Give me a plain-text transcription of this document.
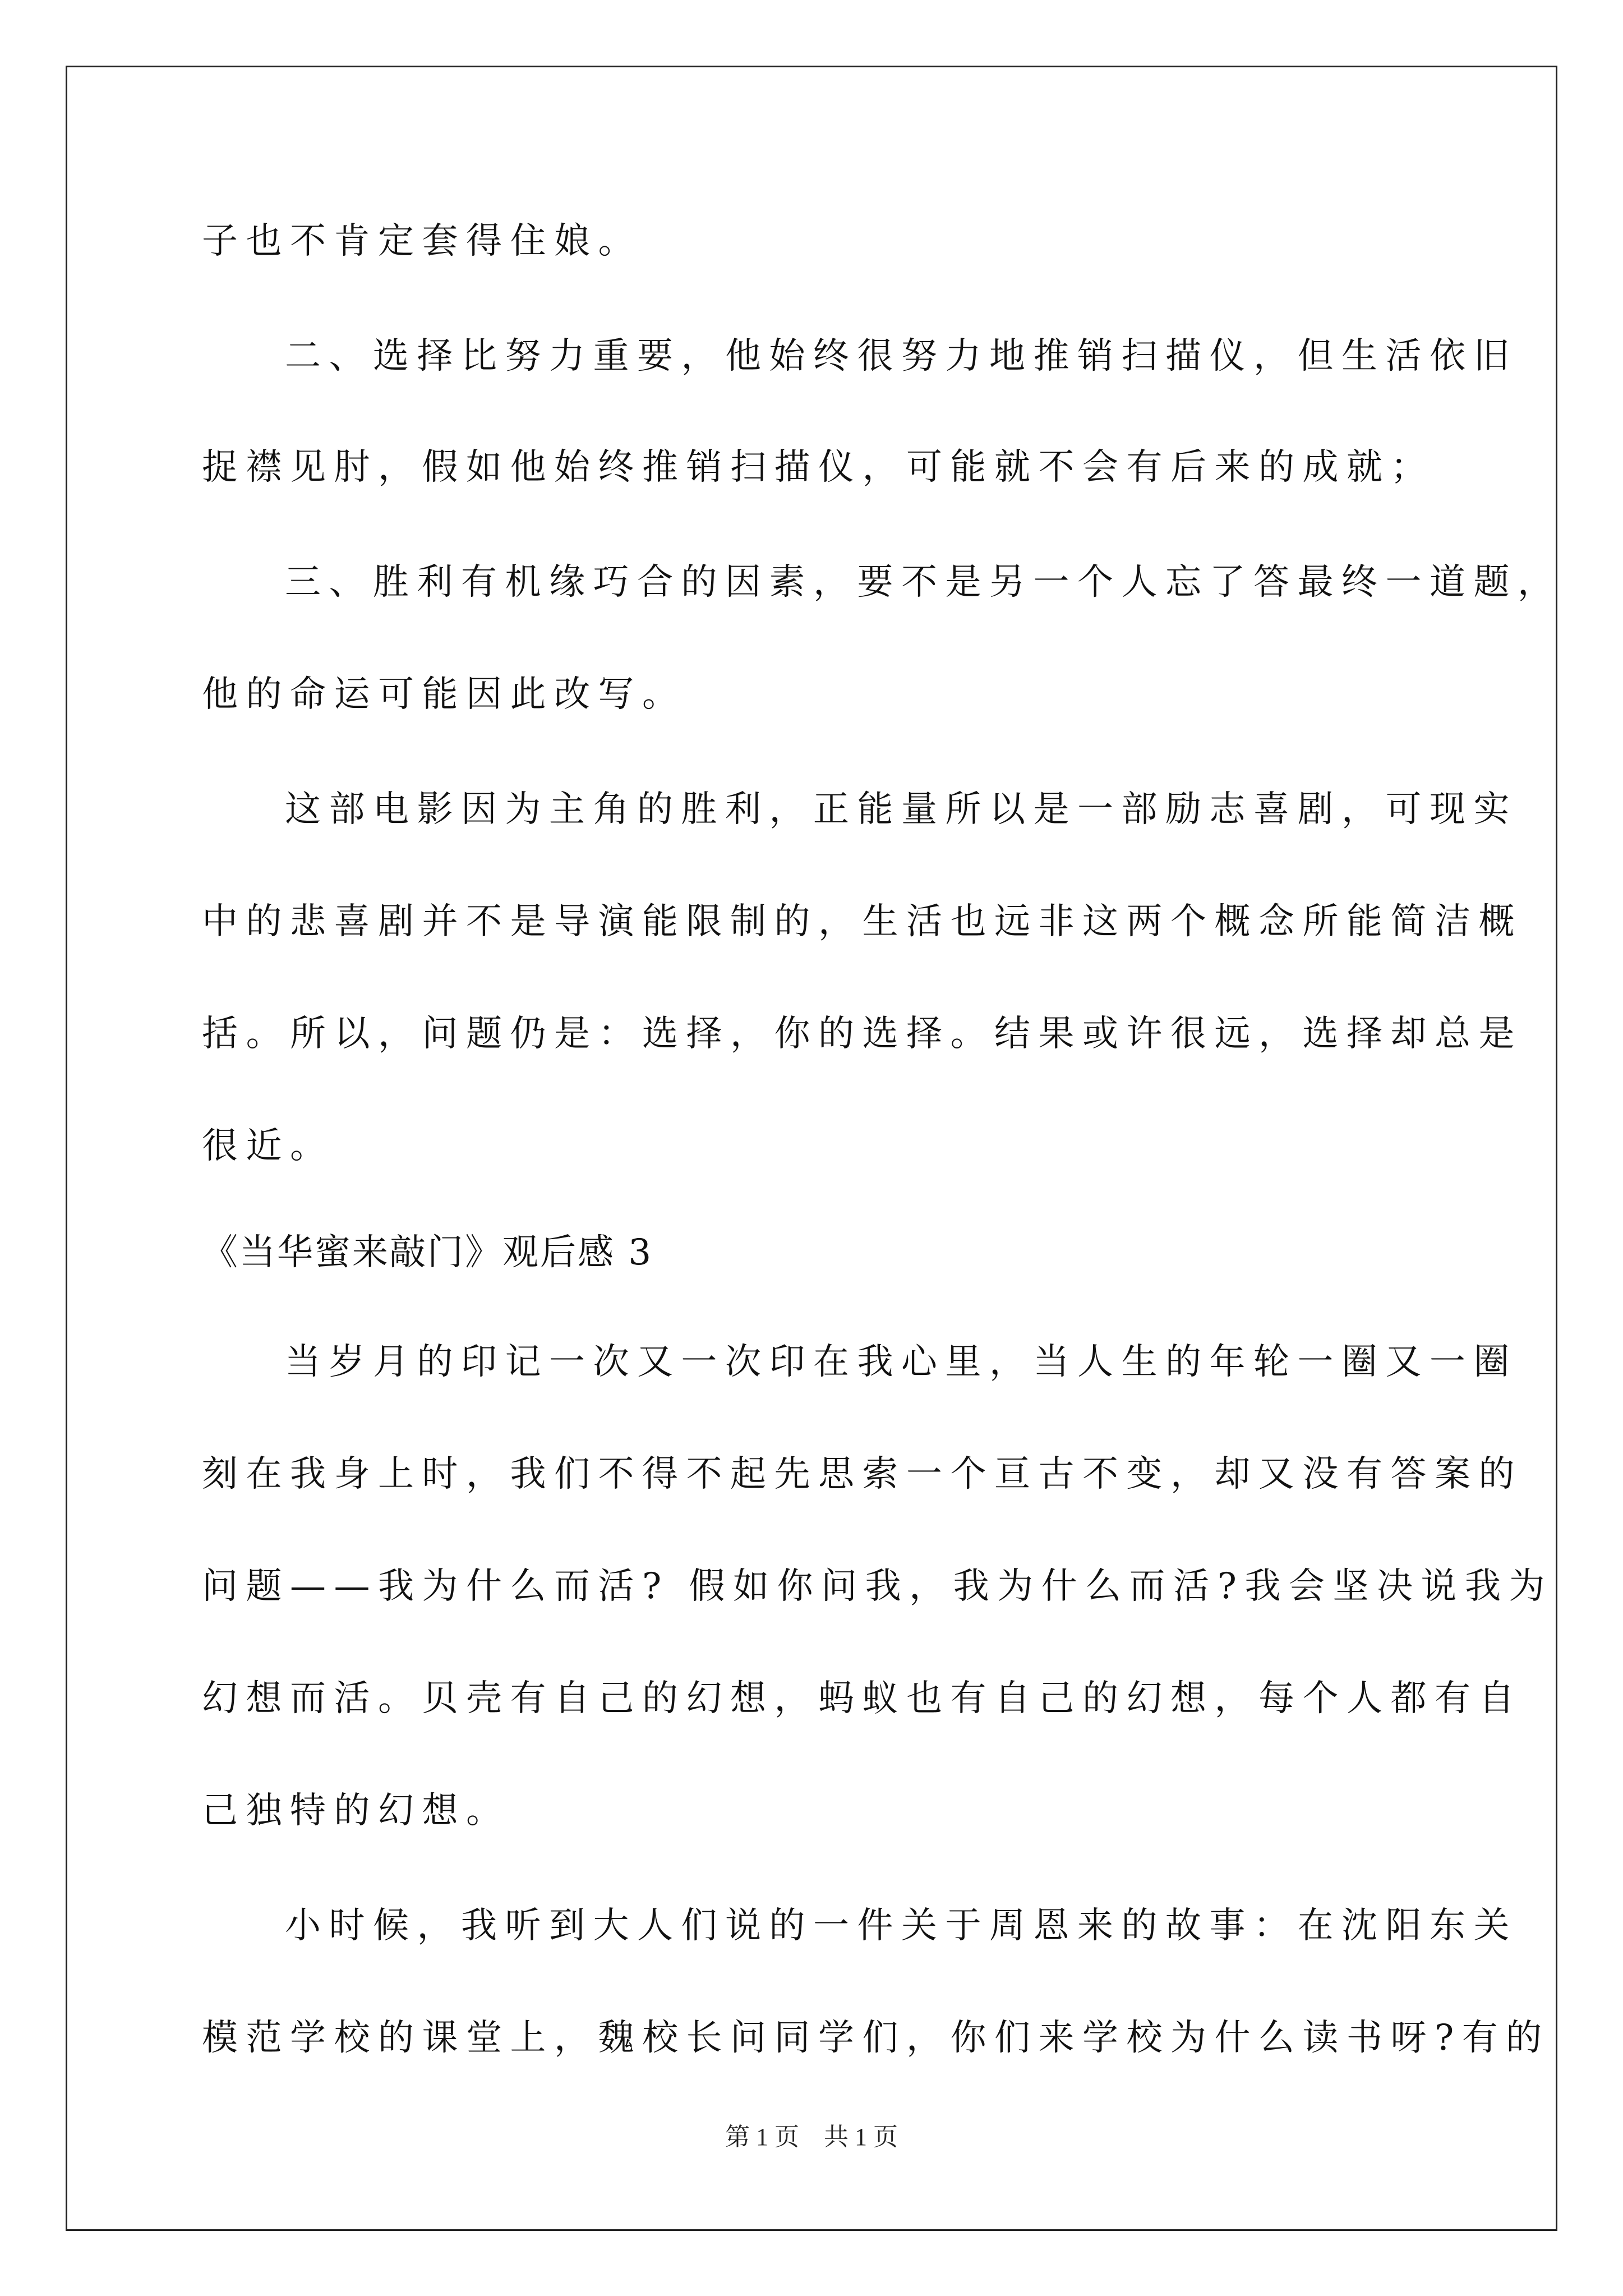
子也不肯定套得住娘。
二、选择比努力重要，他始终很努力地推销扫描仪，但生活依旧
捉襟见肘，假如他始终推销扫描仪，可能就不会有后来的成就；
三、胜利有机缘巧合的因素，要不是另一个人忘了答最终一道题，
他的命运可能因此改写。
这部电影因为主角的胜利，正能量所以是一部励志喜剧，可现实
中的悲喜剧并不是导演能限制的，生活也远非这两个概念所能简洁概
括。所以，问题仍是：选择，你的选择。结果或许很远，选择却总是
很近。
《当华蜜来敲门》观后感 3
当岁月的印记一次又一次印在我心里，当人生的年轮一圈又一圈
刻在我身上时，我们不得不起先思索一个亘古不变，却又没有答案的
问题——我为什么而活? 假如你问我，我为什么而活?我会坚决说我为
幻想而活。贝壳有自己的幻想，蚂蚁也有自己的幻想，每个人都有自
己独特的幻想。
小时候，我听到大人们说的一件关于周恩来的故事：在沈阳东关
模范学校的课堂上，魏校长问同学们，你们来学校为什么读书呀?有的
第 1 页　共 1 页
